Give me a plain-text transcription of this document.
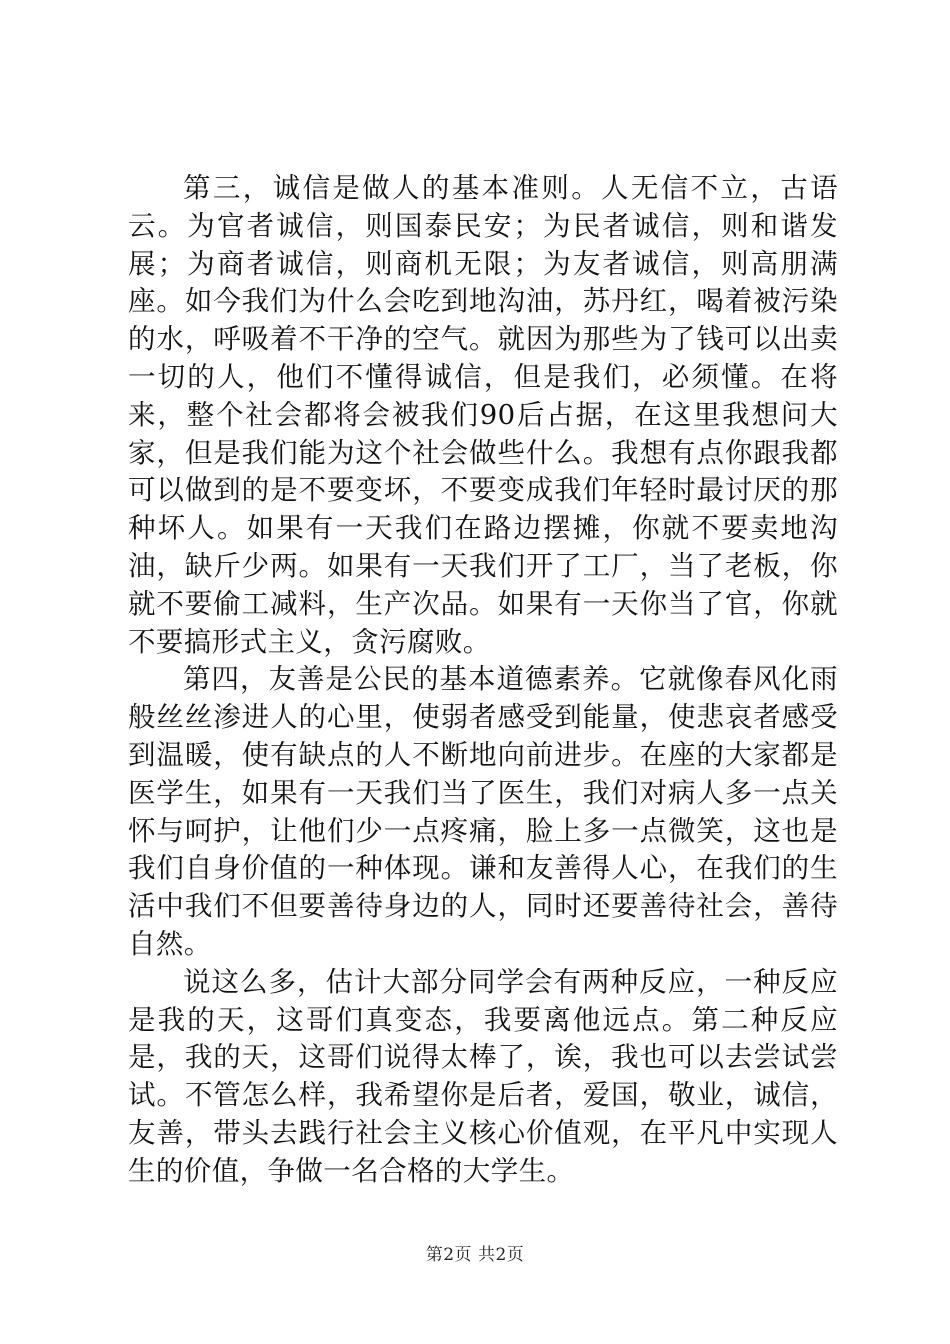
第三，诚信是做人的基本准则。人无信不立，古语云。为官者诚信，则国泰民安；为民者诚信，则和谐发展；为商者诚信，则商机无限；为友者诚信，则高朋满座。如今我们为什么会吃到地沟油，苏丹红，喝着被污染的水，呼吸着不干净的空气。就因为那些为了钱可以出卖一切的人，他们不懂得诚信，但是我们，必须懂。在将来，整个社会都将会被我们90后占据，在这里我想问大家，但是我们能为这个社会做些什么。我想有点你跟我都可以做到的是不要变坏，不要变成我们年轻时最讨厌的那种坏人。如果有一天我们在路边摆摊，你就不要卖地沟油，缺斤少两。如果有一天我们开了工厂，当了老板，你就不要偷工减料，生产次品。如果有一天你当了官，你就不要搞形式主义，贪污腐败。

第四，友善是公民的基本道德素养。它就像春风化雨般丝丝渗进人的心里，使弱者感受到能量，使悲哀者感受到温暖，使有缺点的人不断地向前进步。在座的大家都是医学生，如果有一天我们当了医生，我们对病人多一点关怀与呵护，让他们少一点疼痛，脸上多一点微笑，这也是我们自身价值的一种体现。谦和友善得人心，在我们的生活中我们不但要善待身边的人，同时还要善待社会，善待自然。

说这么多，估计大部分同学会有两种反应，一种反应是我的天，这哥们真变态，我要离他远点。第二种反应是，我的天，这哥们说得太棒了，诶，我也可以去尝试尝试。不管怎么样，我希望你是后者，爱国，敬业，诚信，友善，带头去践行社会主义核心价值观，在平凡中实现人生的价值，争做一名合格的大学生。

第2页 共2页
